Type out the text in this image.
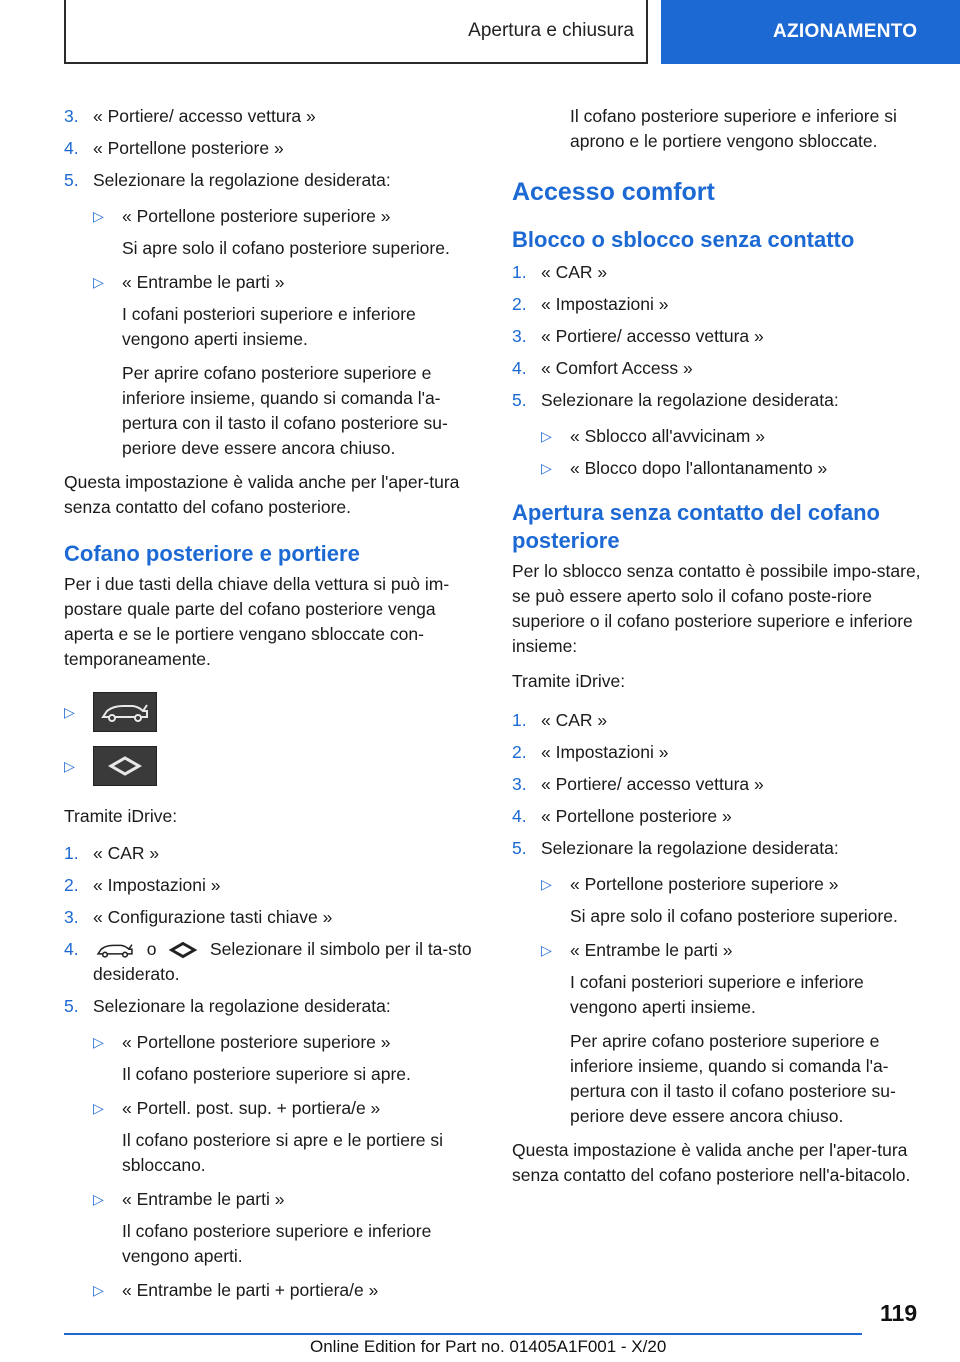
Apertura e chiusura	AZIONAMENTO
3. « Portiere/ accesso vettura »
4. « Portellone posteriore »
5. Selezionare la regolazione desiderata:
▷	« Portellone posteriore superiore »

Si apre solo il cofano posteriore superiore.

▷	« Entrambe le parti »

I cofani posteriori superiore e inferiore vengono aperti insieme.

Per aprire cofano posteriore superiore e inferiore insieme, quando si comanda l'a-pertura con il tasto il cofano posteriore su-periore deve essere ancora chiuso.

Questa impostazione è valida anche per l'aper-tura senza contatto del cofano posteriore.

Cofano posteriore e portiere

Per i due tasti della chiave della vettura si può im-postare quale parte del cofano posteriore venga aperta e se le portiere vengano sbloccate con-temporaneamente.

▷
▷

Tramite iDrive:

1. « CAR »
2. « Impostazioni »
3. « Configurazione tasti chiave »
4.	o	Selezionare il simbolo per il ta-sto desiderato.
5. Selezionare la regolazione desiderata:
▷	« Portellone posteriore superiore »

Il cofano posteriore superiore si apre.

▷	« Portell. post. sup. + portiera/e »

Il cofano posteriore si apre e le portiere si sbloccano.

▷	« Entrambe le parti »

Il cofano posteriore superiore e inferiore vengono aperti.

▷	« Entrambe le parti + portiera/e »

Il cofano posteriore superiore e inferiore si aprono e le portiere vengono sbloccate.

Accesso comfort
Blocco o sblocco senza contatto
1. « CAR »
2. « Impostazioni »
3. « Portiere/ accesso vettura »
4. « Comfort Access »
5. Selezionare la regolazione desiderata:
▷	« Sblocco all'avvicinam »
▷	« Blocco dopo l'allontanamento »
Apertura senza contatto del cofano posteriore

Per lo sblocco senza contatto è possibile impo-stare, se può essere aperto solo il cofano poste-riore superiore o il cofano posteriore superiore e inferiore insieme:

Tramite iDrive:

1. « CAR »
2. « Impostazioni »
3. « Portiere/ accesso vettura »
4. « Portellone posteriore »
5. Selezionare la regolazione desiderata:
▷	« Portellone posteriore superiore »

Si apre solo il cofano posteriore superiore.

▷	« Entrambe le parti »

I cofani posteriori superiore e inferiore vengono aperti insieme.

Per aprire cofano posteriore superiore e inferiore insieme, quando si comanda l'a-pertura con il tasto il cofano posteriore su-periore deve essere ancora chiuso.

Questa impostazione è valida anche per l'aper-tura senza contatto del cofano posteriore nell'a-bitacolo.

119
Online Edition for Part no. 01405A1F001 - X/20
